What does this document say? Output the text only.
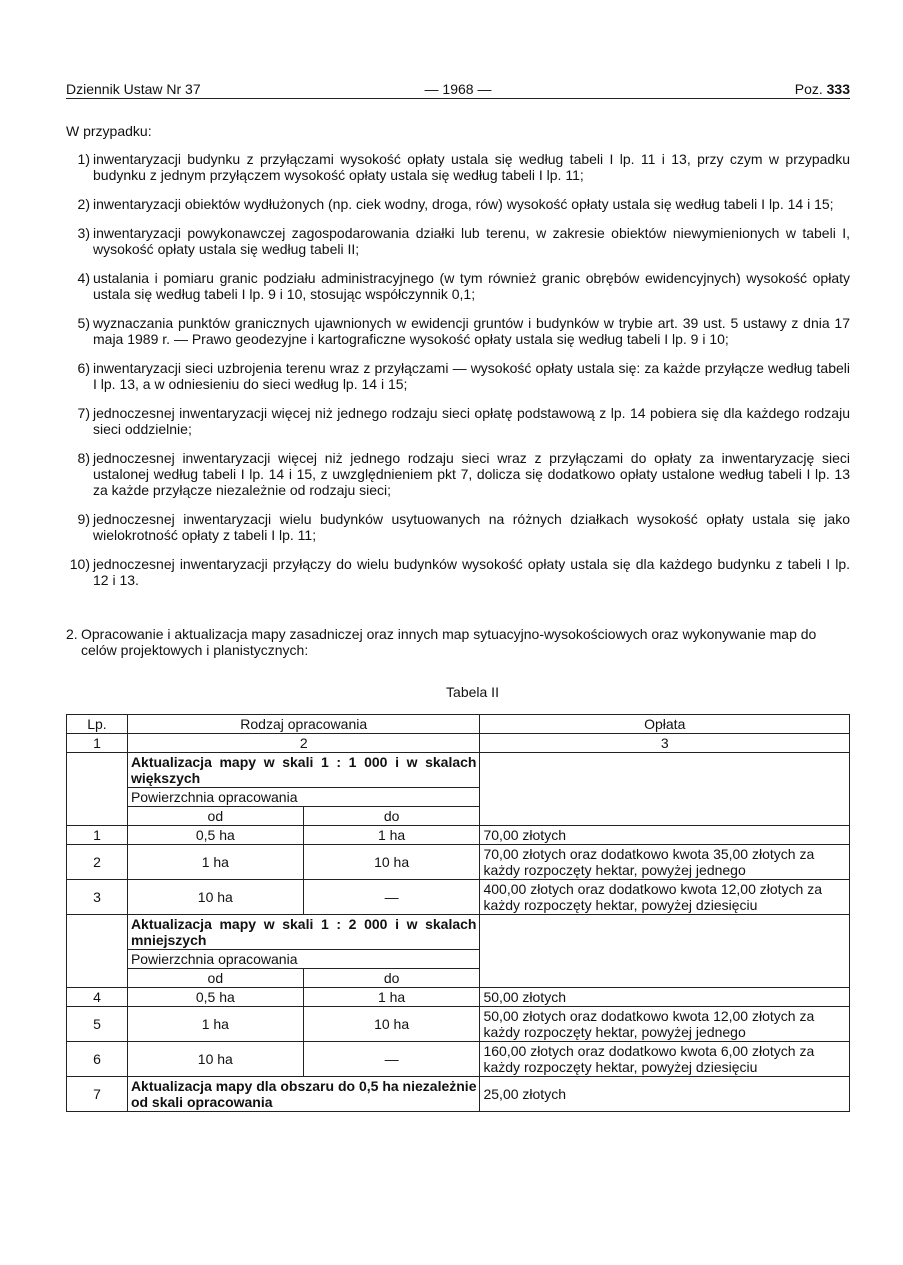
Dziennik Ustaw Nr 37	— 1968 —	Poz. 333
W przypadku:
1) inwentaryzacji budynku z przyłączami wysokość opłaty ustala się według tabeli I lp. 11 i 13, przy czym w przypadku budynku z jednym przyłączem wysokość opłaty ustala się według tabeli I lp. 11;
2) inwentaryzacji obiektów wydłużonych (np. ciek wodny, droga, rów) wysokość opłaty ustala się według tabeli I lp. 14 i 15;
3) inwentaryzacji powykonawczej zagospodarowania działki lub terenu, w zakresie obiektów niewymienionych w tabeli I, wysokość opłaty ustala się według tabeli II;
4) ustalania i pomiaru granic podziału administracyjnego (w tym również granic obrębów ewidencyjnych) wysokość opłaty ustala się według tabeli I lp. 9 i 10, stosując współczynnik 0,1;
5) wyznaczania punktów granicznych ujawnionych w ewidencji gruntów i budynków w trybie art. 39 ust. 5 ustawy z dnia 17 maja 1989 r. — Prawo geodezyjne i kartograficzne wysokość opłaty ustala się według tabeli I lp. 9 i 10;
6) inwentaryzacji sieci uzbrojenia terenu wraz z przyłączami — wysokość opłaty ustala się: za każde przyłącze według tabeli I lp. 13, a w odniesieniu do sieci według lp. 14 i 15;
7) jednoczesnej inwentaryzacji więcej niż jednego rodzaju sieci opłatę podstawową z lp. 14 pobiera się dla każdego rodzaju sieci oddzielnie;
8) jednoczesnej inwentaryzacji więcej niż jednego rodzaju sieci wraz z przyłączami do opłaty za inwentaryzację sieci ustalonej według tabeli I lp. 14 i 15, z uwzględnieniem pkt 7, dolicza się dodatkowo opłaty ustalone według tabeli I lp. 13 za każde przyłącze niezależnie od rodzaju sieci;
9) jednoczesnej inwentaryzacji wielu budynków usytuowanych na różnych działkach wysokość opłaty ustala się jako wielokrotność opłaty z tabeli I lp. 11;
10) jednoczesnej inwentaryzacji przyłączy do wielu budynków wysokość opłaty ustala się dla każdego budynku z tabeli I lp. 12 i 13.
2. Opracowanie i aktualizacja mapy zasadniczej oraz innych map sytuacyjno-wysokościowych oraz wykonywanie map do celów projektowych i planistycznych:
Tabela II
Lp.	Rodzaj opracowania		Opłata
1	2		3
	Aktualizacja mapy w skali 1 : 1 000 i w skalach większych		
	Powierzchnia opracowania		
	od	do	
1	0,5 ha	1 ha	70,00 złotych
2	1 ha	10 ha	70,00 złotych oraz dodatkowo kwota 35,00 złotych za każdy rozpoczęty hektar, powyżej jednego
3	10 ha	—	400,00 złotych oraz dodatkowo kwota 12,00 złotych za każdy rozpoczęty hektar, powyżej dziesięciu
	Aktualizacja mapy w skali 1 : 2 000 i w skalach mniejszych		
	Powierzchnia opracowania		
	od	do	
4	0,5 ha	1 ha	50,00 złotych
5	1 ha	10 ha	50,00 złotych oraz dodatkowo kwota 12,00 złotych za każdy rozpoczęty hektar, powyżej jednego
6	10 ha	—	160,00 złotych oraz dodatkowo kwota 6,00 złotych za każdy rozpoczęty hektar, powyżej dziesięciu
7	Aktualizacja mapy dla obszaru do 0,5 ha niezależnie od skali opracowania		25,00 złotych
